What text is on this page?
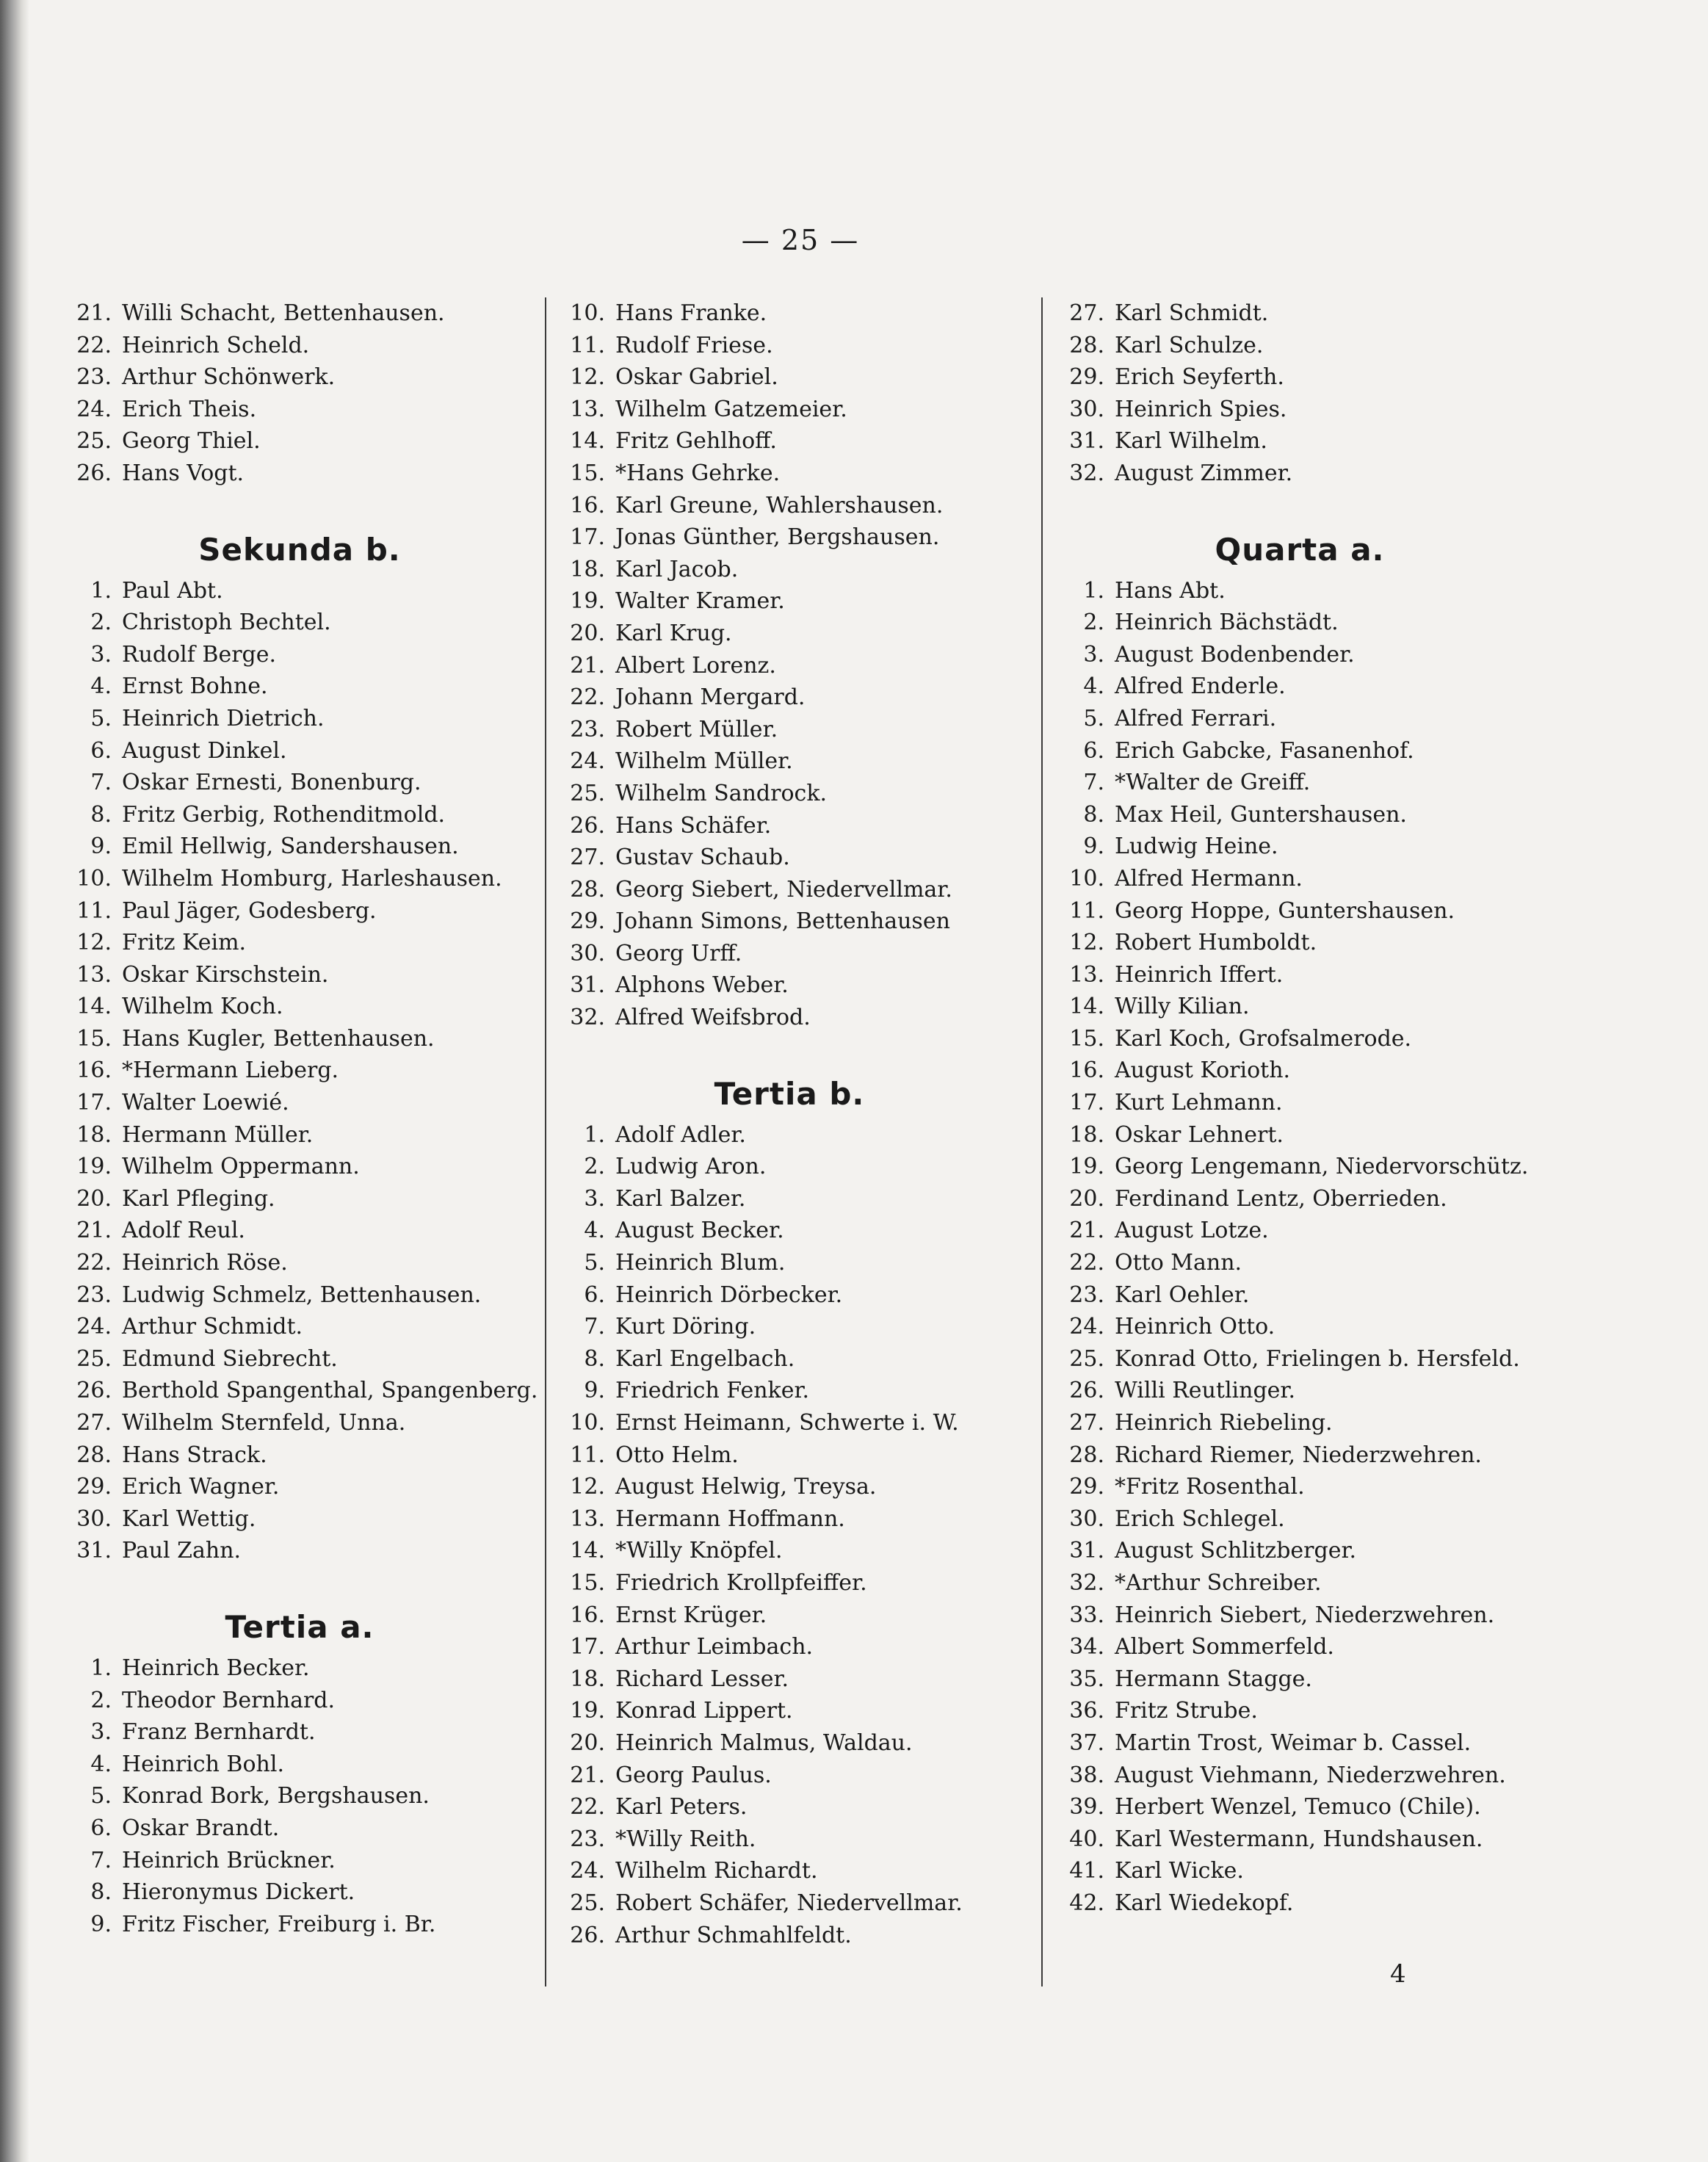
— 25 —
21. Willi Schacht, Bettenhausen.
22. Heinrich Scheld.
23. Arthur Schönwerk.
24. Erich Theis.
25. Georg Thiel.
26. Hans Vogt.
Sekunda b.
1. Paul Abt.
2. Christoph Bechtel.
3. Rudolf Berge.
4. Ernst Bohne.
5. Heinrich Dietrich.
6. August Dinkel.
7. Oskar Ernesti, Bonenburg.
8. Fritz Gerbig, Rothenditmold.
9. Emil Hellwig, Sandershausen.
10. Wilhelm Homburg, Harleshausen.
11. Paul Jäger, Godesberg.
12. Fritz Keim.
13. Oskar Kirschstein.
14. Wilhelm Koch.
15. Hans Kugler, Bettenhausen.
16. *Hermann Lieberg.
17. Walter Loewié.
18. Hermann Müller.
19. Wilhelm Oppermann.
20. Karl Pfleging.
21. Adolf Reul.
22. Heinrich Röse.
23. Ludwig Schmelz, Bettenhausen.
24. Arthur Schmidt.
25. Edmund Siebrecht.
26. Berthold Spangenthal, Spangenberg.
27. Wilhelm Sternfeld, Unna.
28. Hans Strack.
29. Erich Wagner.
30. Karl Wettig.
31. Paul Zahn.
Tertia a.
1. Heinrich Becker.
2. Theodor Bernhard.
3. Franz Bernhardt.
4. Heinrich Bohl.
5. Konrad Bork, Bergshausen.
6. Oskar Brandt.
7. Heinrich Brückner.
8. Hieronymus Dickert.
9. Fritz Fischer, Freiburg i. Br.
10. Hans Franke.
11. Rudolf Friese.
12. Oskar Gabriel.
13. Wilhelm Gatzemeier.
14. Fritz Gehlhoff.
15. *Hans Gehrke.
16. Karl Greune, Wahlershausen.
17. Jonas Günther, Bergshausen.
18. Karl Jacob.
19. Walter Kramer.
20. Karl Krug.
21. Albert Lorenz.
22. Johann Mergard.
23. Robert Müller.
24. Wilhelm Müller.
25. Wilhelm Sandrock.
26. Hans Schäfer.
27. Gustav Schaub.
28. Georg Siebert, Niedervellmar.
29. Johann Simons, Bettenhausen
30. Georg Urff.
31. Alphons Weber.
32. Alfred Weifsbrod.
Tertia b.
1. Adolf Adler.
2. Ludwig Aron.
3. Karl Balzer.
4. August Becker.
5. Heinrich Blum.
6. Heinrich Dörbecker.
7. Kurt Döring.
8. Karl Engelbach.
9. Friedrich Fenker.
10. Ernst Heimann, Schwerte i. W.
11. Otto Helm.
12. August Helwig, Treysa.
13. Hermann Hoffmann.
14. *Willy Knöpfel.
15. Friedrich Krollpfeiffer.
16. Ernst Krüger.
17. Arthur Leimbach.
18. Richard Lesser.
19. Konrad Lippert.
20. Heinrich Malmus, Waldau.
21. Georg Paulus.
22. Karl Peters.
23. *Willy Reith.
24. Wilhelm Richardt.
25. Robert Schäfer, Niedervellmar.
26. Arthur Schmahlfeldt.
27. Karl Schmidt.
28. Karl Schulze.
29. Erich Seyferth.
30. Heinrich Spies.
31. Karl Wilhelm.
32. August Zimmer.
Quarta a.
1. Hans Abt.
2. Heinrich Bächstädt.
3. August Bodenbender.
4. Alfred Enderle.
5. Alfred Ferrari.
6. Erich Gabcke, Fasanenhof.
7. *Walter de Greiff.
8. Max Heil, Guntershausen.
9. Ludwig Heine.
10. Alfred Hermann.
11. Georg Hoppe, Guntershausen.
12. Robert Humboldt.
13. Heinrich Iffert.
14. Willy Kilian.
15. Karl Koch, Grofsalmerode.
16. August Korioth.
17. Kurt Lehmann.
18. Oskar Lehnert.
19. Georg Lengemann, Niedervorschütz.
20. Ferdinand Lentz, Oberrieden.
21. August Lotze.
22. Otto Mann.
23. Karl Oehler.
24. Heinrich Otto.
25. Konrad Otto, Frielingen b. Hersfeld.
26. Willi Reutlinger.
27. Heinrich Riebeling.
28. Richard Riemer, Niederzwehren.
29. *Fritz Rosenthal.
30. Erich Schlegel.
31. August Schlitzberger.
32. *Arthur Schreiber.
33. Heinrich Siebert, Niederzwehren.
34. Albert Sommerfeld.
35. Hermann Stagge.
36. Fritz Strube.
37. Martin Trost, Weimar b. Cassel.
38. August Viehmann, Niederzwehren.
39. Herbert Wenzel, Temuco (Chile).
40. Karl Westermann, Hundshausen.
41. Karl Wicke.
42. Karl Wiedekopf.
4
